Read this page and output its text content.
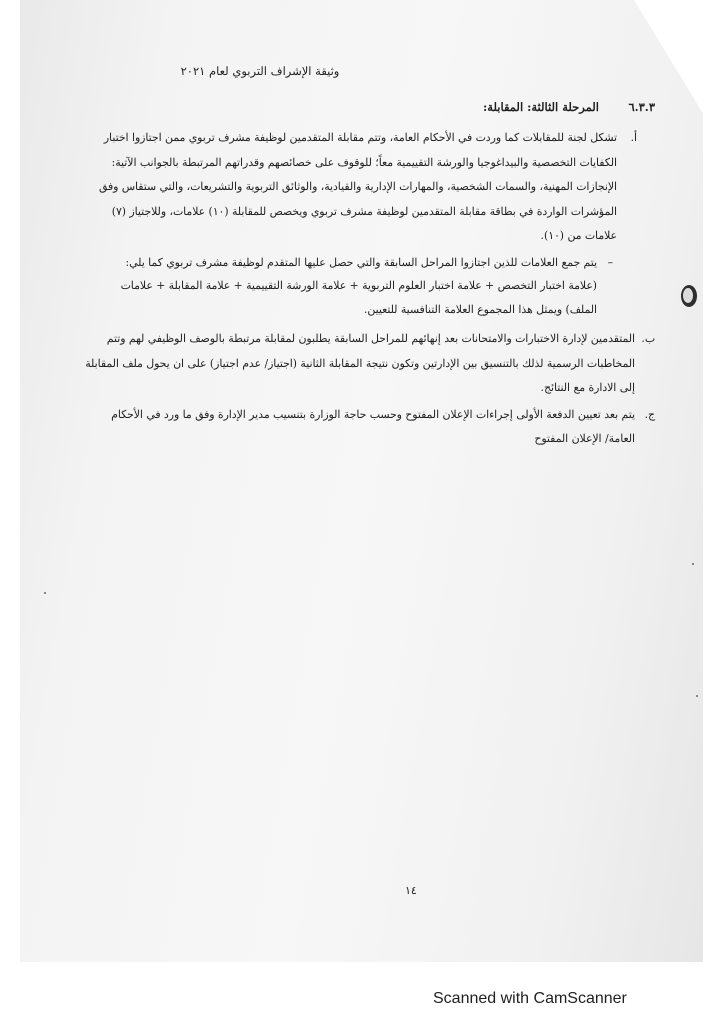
وثيقة الإشراف التربوي لعام ٢٠٢١
٦.٣.٣ المرحلة الثالثة: المقابلة:
أ.
تشكل لجنة للمقابلات كما وردت في الأحكام العامة، وتتم مقابلة المتقدمين لوظيفة مشرف تربوي ممن اجتازوا اختبار الكفايات التخصصية والبيداغوجيا والورشة التقييمية معاً؛ للوقوف على خصائصهم وقدراتهم المرتبطة بالجوانب الآتية: الإنجازات المهنية، والسمات الشخصية، والمهارات الإدارية والقيادية، والوثائق التربوية والتشريعات، والتي ستقاس وفق المؤشرات الواردة في بطاقة مقابلة المتقدمين لوظيفة مشرف تربوي ويخصص للمقابلة (١٠) علامات، وللاجتياز (٧) علامات من (١٠).
–
يتم جمع العلامات للذين اجتازوا المراحل السابقة والتي حصل عليها المتقدم لوظيفة مشرف تربوي كما يلي: (علامة اختبار التخصص + علامة اختبار العلوم التربوية + علامة الورشة التقييمية + علامة المقابلة + علامات الملف) ويمثل هذا المجموع العلامة التنافسية للتعيين.
ب.
المتقدمين لإدارة الاختبارات والامتحانات بعد إنهائهم للمراحل السابقة يطلبون لمقابلة مرتبطة بالوصف الوظيفي لهم وتتم المخاطبات الرسمية لذلك بالتنسيق بين الإدارتين وتكون نتيجة المقابلة الثانية (اجتياز/ عدم اجتياز) على ان يحول ملف المقابلة إلى الادارة مع النتائج.
ج.
يتم بعد تعيين الدفعة الأولى إجراءات الإعلان المفتوح وحسب حاجة الوزارة بتنسيب مدير الإدارة وفق ما ورد في الأحكام العامة/ الإعلان المفتوح
١٤
Scanned with CamScanner
